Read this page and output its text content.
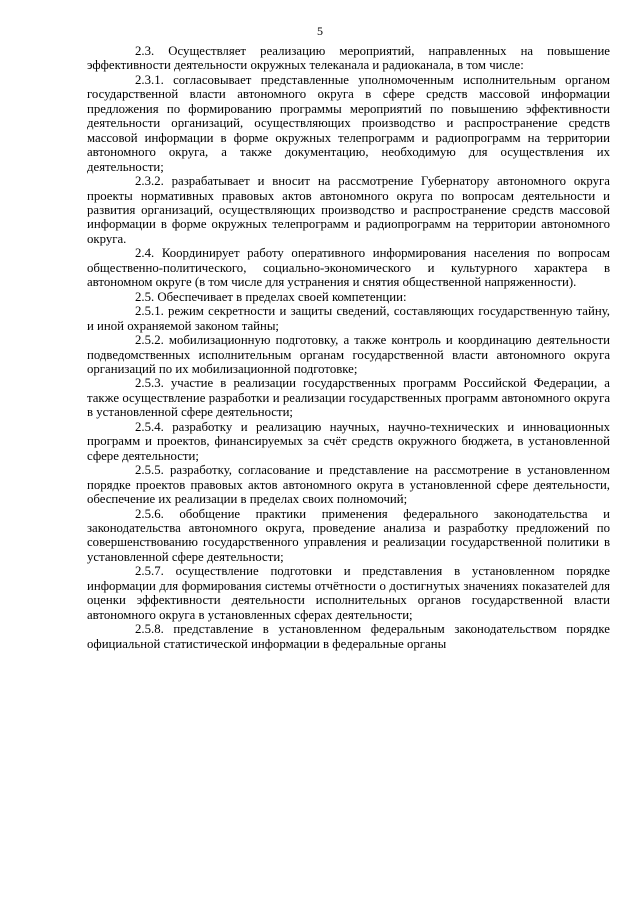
5

2.3. Осуществляет реализацию мероприятий, направленных на повышение эффективности деятельности окружных телеканала и радиоканала, в том числе:

2.3.1. согласовывает представленные уполномоченным исполнительным органом государственной власти автономного округа в сфере средств массовой информации предложения по формированию программы мероприятий по повышению эффективности деятельности организаций, осуществляющих производство и распространение средств массовой информации в форме окружных телепрограмм и радиопрограмм на территории автономного округа, а также документацию, необходимую для осуществления их деятельности;

2.3.2. разрабатывает и вносит на рассмотрение Губернатору автономного округа проекты нормативных правовых актов автономного округа по вопросам деятельности и развития организаций, осуществляющих производство и распространение средств массовой информации в форме окружных телепрограмм и радиопрограмм на территории автономного округа.

2.4. Координирует работу оперативного информирования населения по вопросам общественно-политического, социально-экономического и культурного характера в автономном округе (в том числе для устранения и снятия общественной напряженности).

2.5. Обеспечивает в пределах своей компетенции:

2.5.1. режим секретности и защиты сведений, составляющих государственную тайну, и иной охраняемой законом тайны;

2.5.2. мобилизационную подготовку, а также контроль и координацию деятельности подведомственных исполнительным органам государственной власти автономного округа организаций по их мобилизационной подготовке;

2.5.3. участие в реализации государственных программ Российской Федерации, а также осуществление разработки и реализации государственных программ автономного округа в установленной сфере деятельности;

2.5.4. разработку и реализацию научных, научно-технических и инновационных программ и проектов, финансируемых за счёт средств окружного бюджета, в установленной сфере деятельности;

2.5.5. разработку, согласование и представление на рассмотрение в установленном порядке проектов правовых актов автономного округа в установленной сфере деятельности, обеспечение их реализации в пределах своих полномочий;

2.5.6. обобщение практики применения федерального законодательства и законодательства автономного округа, проведение анализа и разработку предложений по совершенствованию государственного управления и реализации государственной политики в установленной сфере деятельности;

2.5.7. осуществление подготовки и представления в установленном порядке информации для формирования системы отчётности о достигнутых значениях показателей для оценки эффективности деятельности исполнительных органов государственной власти автономного округа в установленных сферах деятельности;

2.5.8. представление в установленном федеральным законодательством порядке официальной статистической информации в федеральные органы
